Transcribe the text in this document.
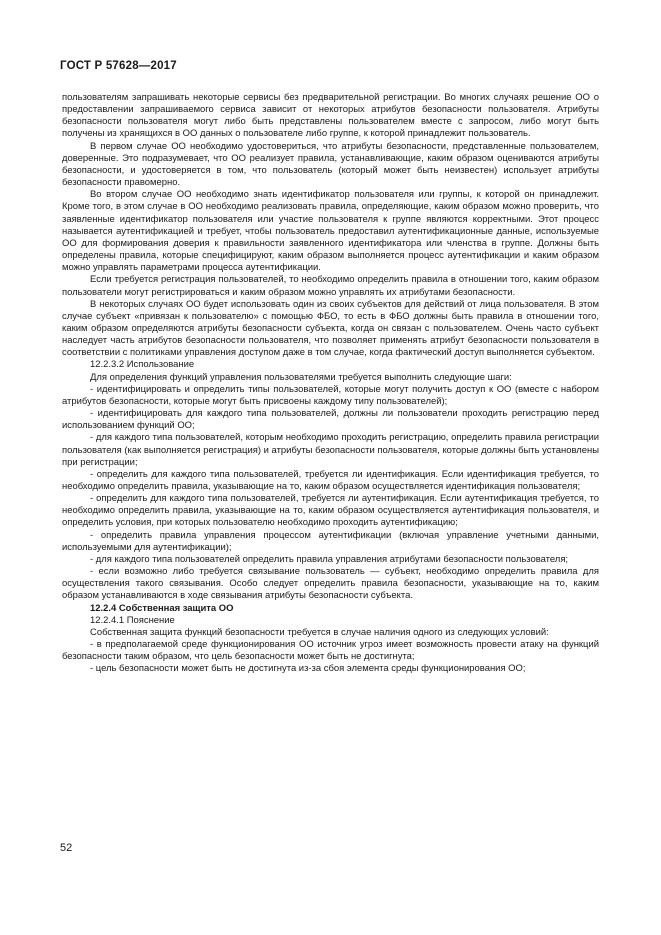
ГОСТ Р 57628—2017

пользователям запрашивать некоторые сервисы без предварительной регистрации. Во многих случаях решение ОО о предоставлении запрашиваемого сервиса зависит от некоторых атрибутов безопасности пользователя. Атрибуты безопасности пользователя могут либо быть представлены пользователем вместе с запросом, либо могут быть получены из хранящихся в ОО данных о пользователе либо группе, к которой принадлежит пользователь.

В первом случае ОО необходимо удостовериться, что атрибуты безопасности, представленные пользователем, доверенные. Это подразумевает, что ОО реализует правила, устанавливающие, каким образом оцениваются атрибуты безопасности, и удостоверяется в том, что пользователь (который может быть неизвестен) использует атрибуты безопасности правомерно.

Во втором случае ОО необходимо знать идентификатор пользователя или группы, к которой он принадлежит. Кроме того, в этом случае в ОО необходимо реализовать правила, определяющие, каким образом можно проверить, что заявленные идентификатор пользователя или участие пользователя к группе являются корректными. Этот процесс называется аутентификацией и требует, чтобы пользователь предоставил аутентификационные данные, используемые ОО для формирования доверия к правильности заявленного идентификатора или членства в группе. Должны быть определены правила, которые специфицируют, каким образом выполняется процесс аутентификации и каким образом можно управлять параметрами процесса аутентификации.

Если требуется регистрация пользователей, то необходимо определить правила в отношении того, каким образом пользователи могут регистрироваться и каким образом можно управлять их атрибутами безопасности.

В некоторых случаях ОО будет использовать один из своих субъектов для действий от лица пользователя. В этом случае субъект «привязан к пользователю» с помощью ФБО, то есть в ФБО должны быть правила в отношении того, каким образом определяются атрибуты безопасности субъекта, когда он связан с пользователем. Очень часто субъект наследует часть атрибутов безопасности пользователя, что позволяет применять атрибут безопасности пользователя в соответствии с политиками управления доступом даже в том случае, когда фактический доступ выполняется субъектом.

12.2.3.2 Использование

Для определения функций управления пользователями требуется выполнить следующие шаги:

- идентифицировать и определить типы пользователей, которые могут получить доступ к ОО (вместе с набором атрибутов безопасности, которые могут быть присвоены каждому типу пользователей);

- идентифицировать для каждого типа пользователей, должны ли пользователи проходить регистрацию перед использованием функций ОО;

- для каждого типа пользователей, которым необходимо проходить регистрацию, определить правила регистрации пользователя (как выполняется регистрация) и атрибуты безопасности пользователя, которые должны быть установлены при регистрации;

- определить для каждого типа пользователей, требуется ли идентификация. Если идентификация требуется, то необходимо определить правила, указывающие на то, каким образом осуществляется идентификация пользователя;

- определить для каждого типа пользователей, требуется ли аутентификация. Если аутентификация требуется, то необходимо определить правила, указывающие на то, каким образом осуществляется аутентификация пользователя, и определить условия, при которых пользователю необходимо проходить аутентификацию;

- определить правила управления процессом аутентификации (включая управление учетными данными, используемыми для аутентификации);

- для каждого типа пользователей определить правила управления атрибутами безопасности пользователя;

- если возможно либо требуется связывание пользователь — субъект, необходимо определить правила для осуществления такого связывания. Особо следует определить правила безопасности, указывающие на то, каким образом устанавливаются в ходе связывания атрибуты безопасности субъекта.

12.2.4 Собственная защита ОО

12.2.4.1 Пояснение

Собственная защита функций безопасности требуется в случае наличия одного из следующих условий:

- в предполагаемой среде функционирования ОО источник угроз имеет возможность провести атаку на функций безопасности таким образом, что цель безопасности может быть не достигнута;

- цель безопасности может быть не достигнута из-за сбоя элемента среды функционирования ОО;

52
